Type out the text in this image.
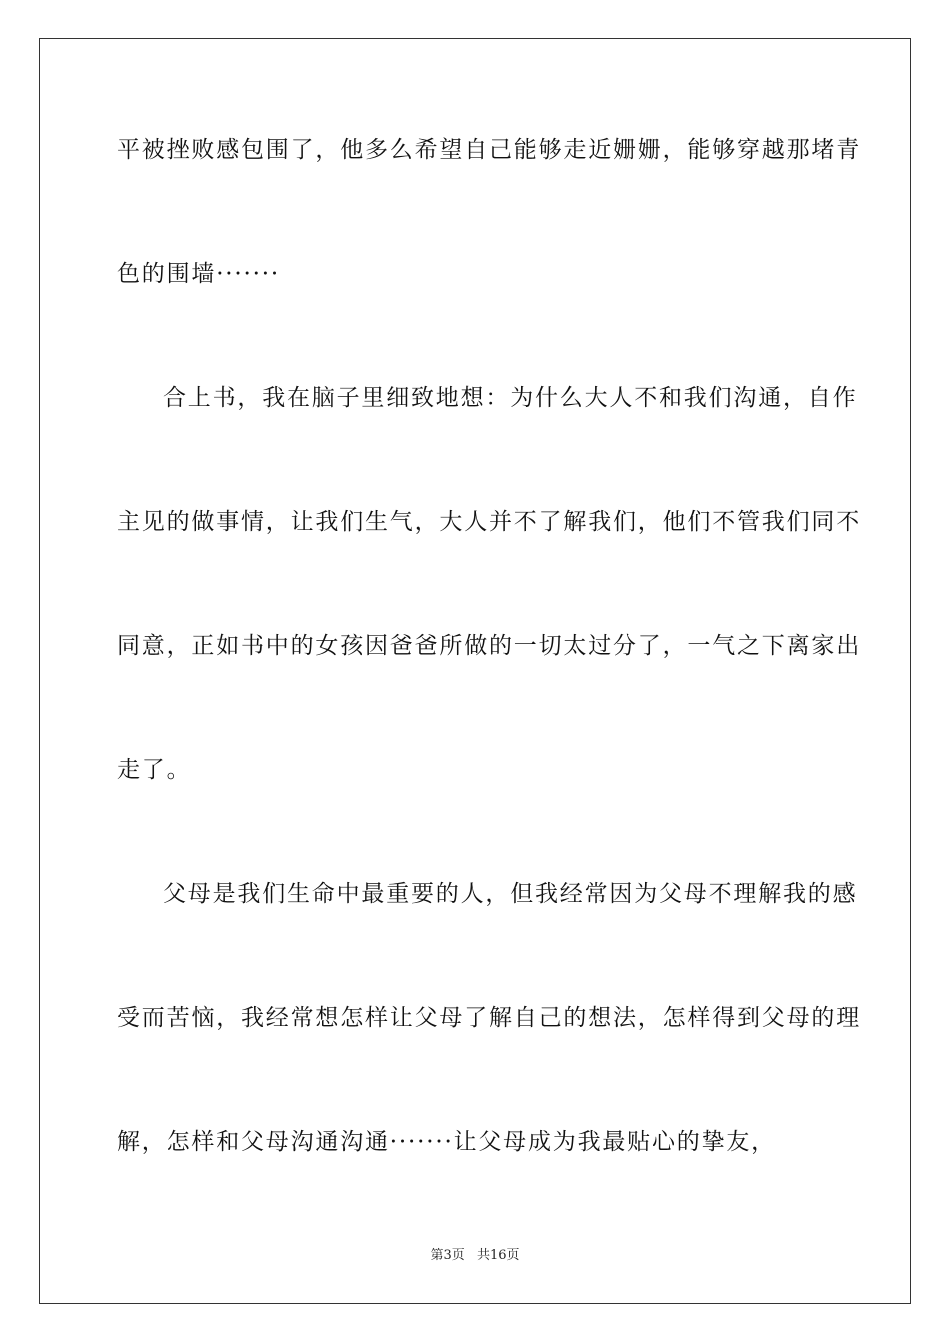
平被挫败感包围了，他多么希望自己能够走近姗姗，能够穿越那堵青
色的围墙·······
合上书，我在脑子里细致地想：为什么大人不和我们沟通，自作
主见的做事情，让我们生气，大人并不了解我们，他们不管我们同不
同意，正如书中的女孩因爸爸所做的一切太过分了，一气之下离家出
走了。
父母是我们生命中最重要的人，但我经常因为父母不理解我的感
受而苦恼，我经常想怎样让父母了解自己的想法，怎样得到父母的理
解，怎样和父母沟通沟通·······让父母成为我最贴心的挚友，
第3页 共16页
